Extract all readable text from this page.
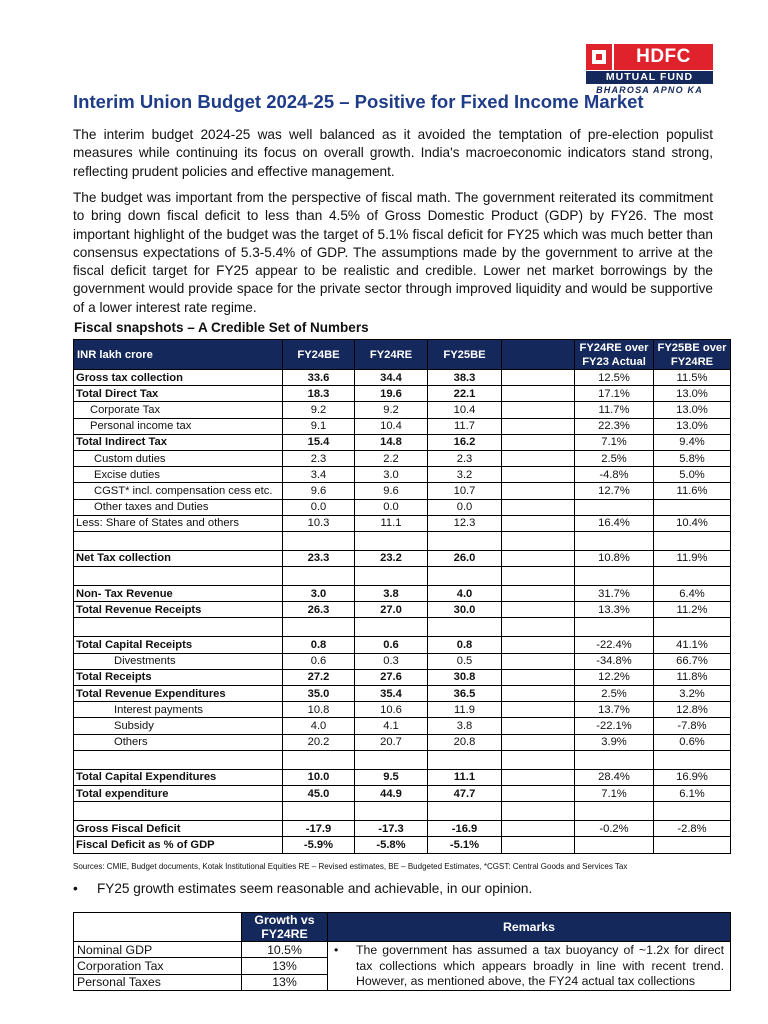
HDFC
MUTUAL FUND
BHAROSA APNO KA
Interim Union Budget 2024-25 – Positive for Fixed Income Market
The interim budget 2024-25 was well balanced as it avoided the temptation of pre-election populist measures while continuing its focus on overall growth. India's macroeconomic indicators stand strong, reflecting prudent policies and effective management.
The budget was important from the perspective of fiscal math. The government reiterated its commitment to bring down fiscal deficit to less than 4.5% of Gross Domestic Product (GDP) by FY26. The most important highlight of the budget was the target of 5.1% fiscal deficit for FY25 which was much better than consensus expectations of 5.3-5.4% of GDP. The assumptions made by the government to arrive at the fiscal deficit target for FY25 appear to be realistic and credible. Lower net market borrowings by the government would provide space for the private sector through improved liquidity and would be supportive of a lower interest rate regime.
Fiscal snapshots – A Credible Set of Numbers
INR lakh crore	FY24BE	FY24RE	FY25BE		FY24RE over FY23 Actual	FY25BE over FY24RE
Gross tax collection	33.6	34.4	38.3		12.5%	11.5%
Total Direct Tax	18.3	19.6	22.1		17.1%	13.0%
Corporate Tax	9.2	9.2	10.4		11.7%	13.0%
Personal income tax	9.1	10.4	11.7		22.3%	13.0%
Total Indirect Tax	15.4	14.8	16.2		7.1%	9.4%
Custom duties	2.3	2.2	2.3		2.5%	5.8%
Excise duties	3.4	3.0	3.2		-4.8%	5.0%
CGST* incl. compensation cess etc.	9.6	9.6	10.7		12.7%	11.6%
Other taxes and Duties	0.0	0.0	0.0			
Less: Share of States and others	10.3	11.1	12.3		16.4%	10.4%

Net Tax collection	23.3	23.2	26.0		10.8%	11.9%

Non- Tax Revenue	3.0	3.8	4.0		31.7%	6.4%
Total Revenue Receipts	26.3	27.0	30.0		13.3%	11.2%

Total Capital Receipts	0.8	0.6	0.8		-22.4%	41.1%
Divestments	0.6	0.3	0.5		-34.8%	66.7%
Total Receipts	27.2	27.6	30.8		12.2%	11.8%
Total Revenue Expenditures	35.0	35.4	36.5		2.5%	3.2%
Interest payments	10.8	10.6	11.9		13.7%	12.8%
Subsidy	4.0	4.1	3.8		-22.1%	-7.8%
Others	20.2	20.7	20.8		3.9%	0.6%

Total Capital Expenditures	10.0	9.5	11.1		28.4%	16.9%
Total expenditure	45.0	44.9	47.7		7.1%	6.1%

Gross Fiscal Deficit	-17.9	-17.3	-16.9		-0.2%	-2.8%
Fiscal Deficit as % of GDP	-5.9%	-5.8%	-5.1%			
Sources: CMIE, Budget documents, Kotak Institutional Equities RE – Revised estimates, BE – Budgeted Estimates, *CGST: Central Goods and Services Tax
• FY25 growth estimates seem reasonable and achievable, in our opinion.
	Growth vs FY24RE	Remarks
Nominal GDP	10.5%	• The government has assumed a tax buoyancy of ~1.2x for direct tax collections which appears broadly in line with recent trend. However, as mentioned above, the FY24 actual tax collections

Corporation Tax	13%	
Personal Taxes	13%	
